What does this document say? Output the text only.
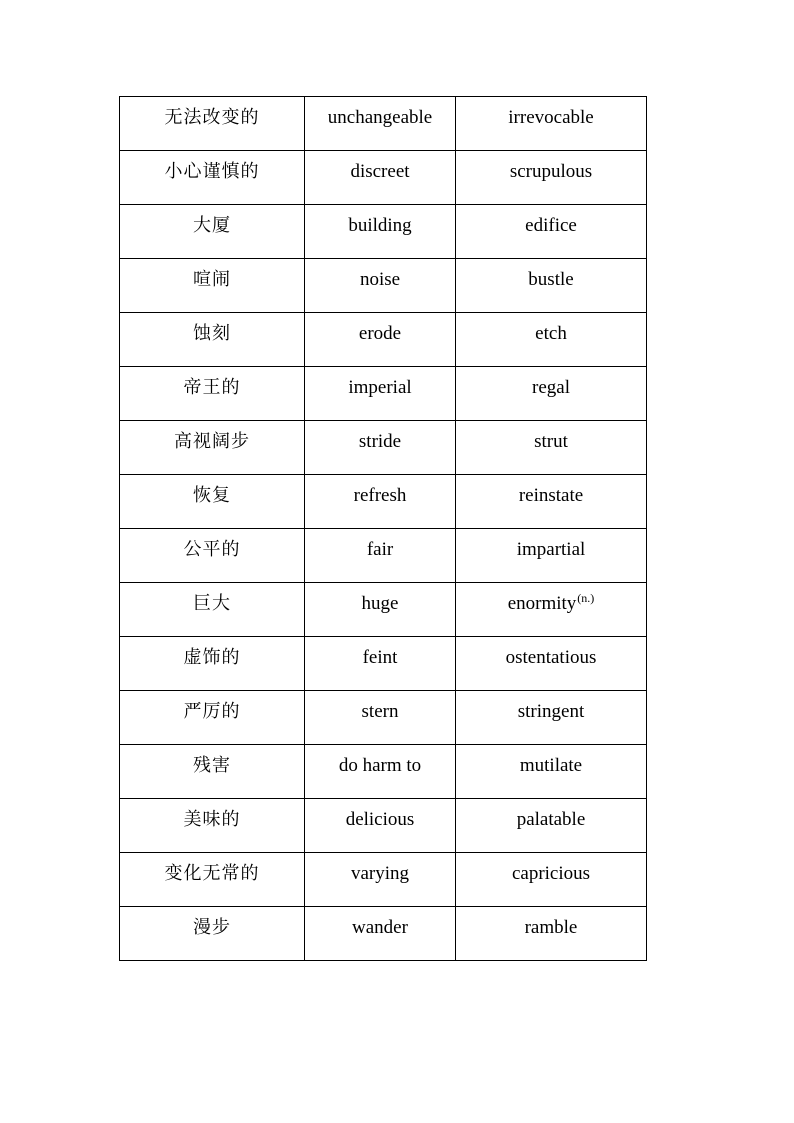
无法改变的	unchangeable	irrevocable
小心谨慎的	discreet	scrupulous
大厦	building	edifice
喧闹	noise	bustle
蚀刻	erode	etch
帝王的	imperial	regal
高视阔步	stride	strut
恢复	refresh	reinstate
公平的	fair	impartial
巨大	huge	enormity$^{(n.)}$
虚饰的	feint	ostentatious
严厉的	stern	stringent
残害	do harm to	mutilate
美味的	delicious	palatable
变化无常的	varying	capricious
漫步	wander	ramble
